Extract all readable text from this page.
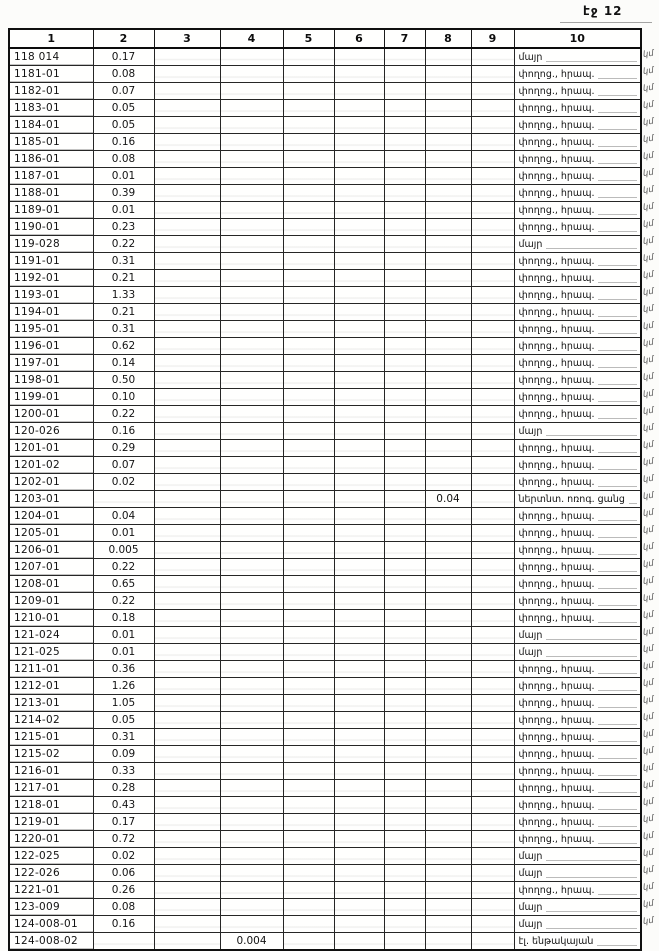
էջ 12
1	2	3	4	5	6	7	8	9	10
118 014	0.17								մայր

1181-01	0.08								փողոց., հրապ.

1182-01	0.07								փողոց., հրապ.

1183-01	0.05								փողոց., հրապ.

1184-01	0.05								փողոց., հրապ.

1185-01	0.16								փողոց., հրապ.

1186-01	0.08								փողոց., հրապ.

1187-01	0.01								փողոց., հրապ.

1188-01	0.39								փողոց., հրապ.

1189-01	0.01								փողոց., հրապ.

1190-01	0.23								փողոց., հրապ.

119-028	0.22								մայր

1191-01	0.31								փողոց., հրապ.

1192-01	0.21								փողոց., հրապ.

1193-01	1.33								փողոց., հրապ.

1194-01	0.21								փողոց., հրապ.

1195-01	0.31								փողոց., հրապ.

1196-01	0.62								փողոց., հրապ.

1197-01	0.14								փողոց., հրապ.

1198-01	0.50								փողոց., հրապ.

1199-01	0.10								փողոց., հրապ.

1200-01	0.22								փողոց., հրապ.

120-026	0.16								մայր

1201-01	0.29								փողոց., հրապ.

1201-02	0.07								փողոց., հրապ.

1202-01	0.02								փողոց., հրապ.

1203-01							0.04		ներտնտ. ոռոգ. ցանց

1204-01	0.04								փողոց., հրապ.

1205-01	0.01								փողոց., հրապ.

1206-01	0.005								փողոց., հրապ.

1207-01	0.22								փողոց., հրապ.

1208-01	0.65								փողոց., հրապ.

1209-01	0.22								փողոց., հրապ.

1210-01	0.18								փողոց., հրապ.

121-024	0.01								մայր

121-025	0.01								մայր

1211-01	0.36								փողոց., հրապ.

1212-01	1.26								փողոց., հրապ.

1213-01	1.05								փողոց., հրապ.

1214-02	0.05								փողոց., հրապ.

1215-01	0.31								փողոց., հրապ.

1215-02	0.09								փողոց., հրապ.

1216-01	0.33								փողոց., հրապ.

1217-01	0.28								փողոց., հրապ.

1218-01	0.43								փողոց., հրապ.

1219-01	0.17								փողոց., հրապ.

1220-01	0.72								փողոց., հրապ.

122-025	0.02								մայր

122-026	0.06								մայր

1221-01	0.26								փողոց., հրապ.

123-009	0.08								մայր

124-008-01	0.16								մայր

124-008-02			0.004						էլ. ենթակայան
կմ
կմ
կմ
կմ
կմ
կմ
կմ
կմ
կմ
կմ
կմ
կմ
կմ
կմ
կմ
կմ
կմ
կմ
կմ
կմ
կմ
կմ
կմ
կմ
կմ
կմ
կմ
կմ
կմ
կմ
կմ
կմ
կմ
կմ
կմ
կմ
կմ
կմ
կմ
կմ
կմ
կմ
կմ
կմ
կմ
կմ
կմ
կմ
կմ
կմ
կմ
կմ
